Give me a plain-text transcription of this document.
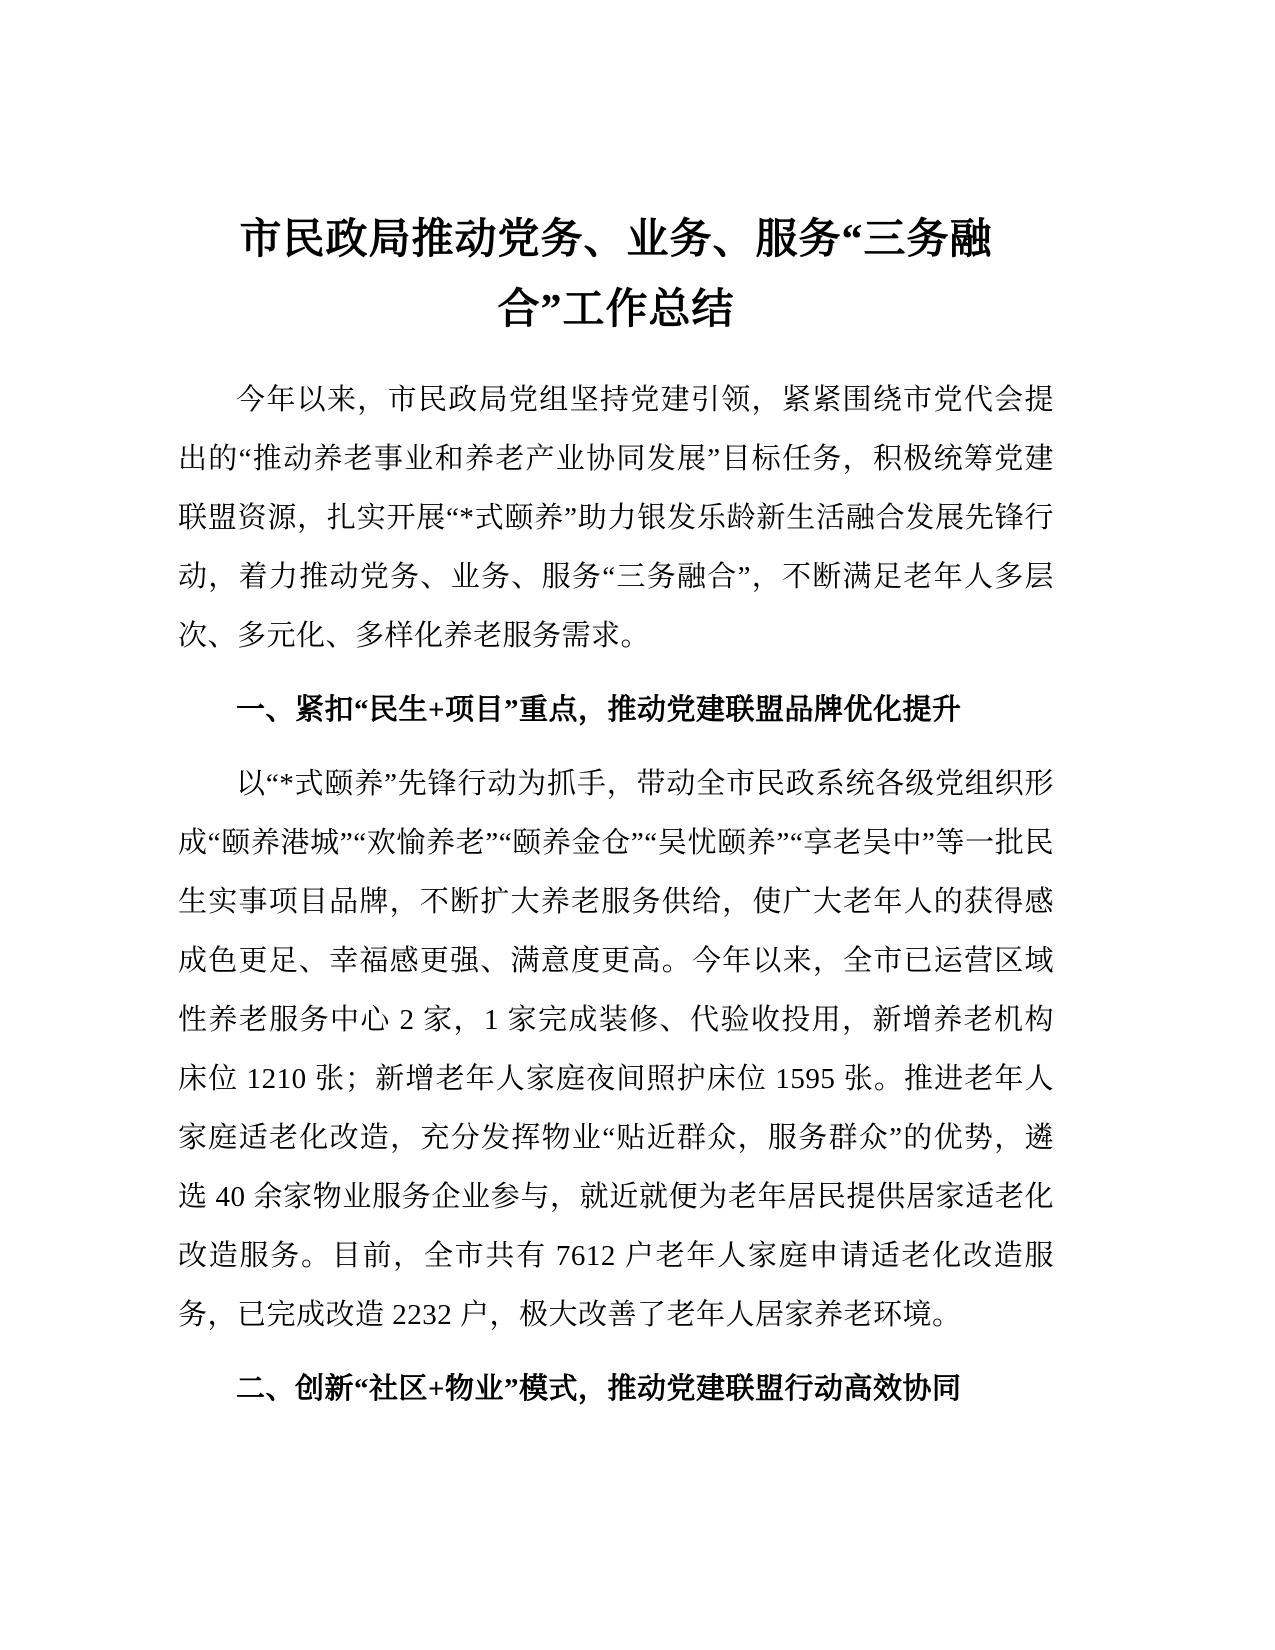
市民政局推动党务、业务、服务“三务融合”工作总结

今年以来，市民政局党组坚持党建引领，紧紧围绕市党代会提出的“推动养老事业和养老产业协同发展”目标任务，积极统筹党建联盟资源，扎实开展“*式颐养”助力银发乐龄新生活融合发展先锋行动，着力推动党务、业务、服务“三务融合”，不断满足老年人多层次、多元化、多样化养老服务需求。

一、紧扣“民生+项目”重点，推动党建联盟品牌优化提升

以“*式颐养”先锋行动为抓手，带动全市民政系统各级党组织形成“颐养港城”“欢愉养老”“颐养金仓”“吴忧颐养”“享老吴中”等一批民生实事项目品牌，不断扩大养老服务供给，使广大老年人的获得感成色更足、幸福感更强、满意度更高。今年以来，全市已运营区域性养老服务中心 2 家，1 家完成装修、代验收投用，新增养老机构床位 1210 张；新增老年人家庭夜间照护床位 1595 张。推进老年人家庭适老化改造，充分发挥物业“贴近群众，服务群众”的优势，遴选 40 余家物业服务企业参与，就近就便为老年居民提供居家适老化改造服务。目前，全市共有 7612 户老年人家庭申请适老化改造服务，已完成改造 2232 户，极大改善了老年人居家养老环境。

二、创新“社区+物业”模式，推动党建联盟行动高效协同
